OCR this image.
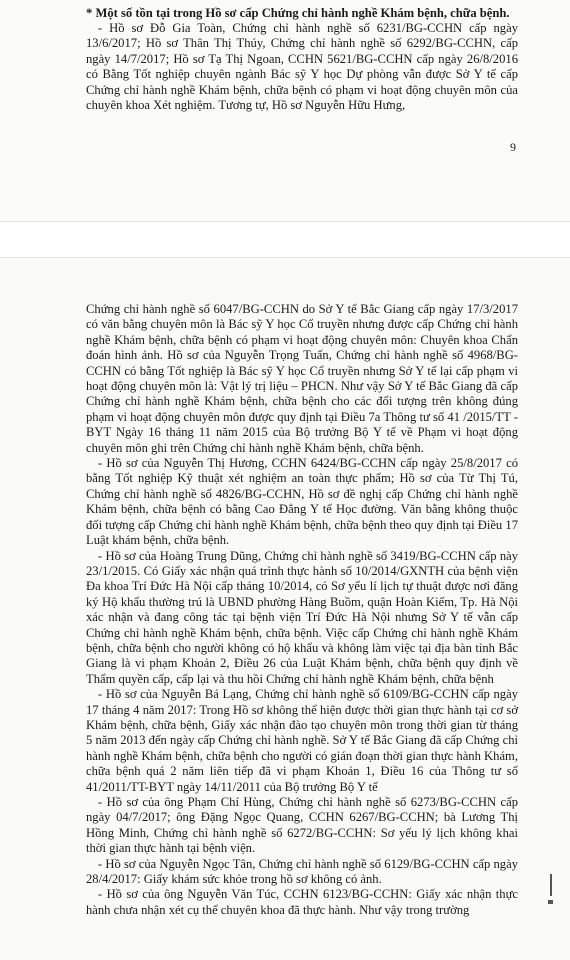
* Một số tồn tại trong Hồ sơ cấp Chứng chỉ hành nghề Khám bệnh, chữa bệnh.

- Hồ sơ Đỗ Gia Toàn, Chứng chỉ hành nghề số 6231/BG-CCHN cấp ngày 13/6/2017; Hồ sơ Thân Thị Thúy, Chứng chỉ hành nghề số 6292/BG-CCHN, cấp ngày 14/7/2017; Hồ sơ Tạ Thị Ngoan, CCHN 5621/BG-CCHN cấp ngày 26/8/2016 có Bằng Tốt nghiệp chuyên ngành Bác sỹ Y học Dự phòng vẫn được Sở Y tế cấp Chứng chỉ hành nghề Khám bệnh, chữa bệnh có phạm vi hoạt động chuyên môn của chuyên khoa Xét nghiệm. Tương tự, Hồ sơ Nguyễn Hữu Hưng,

9

Chứng chỉ hành nghề số 6047/BG-CCHN do Sở Y tế Bắc Giang cấp ngày 17/3/2017 có văn bằng chuyên môn là Bác sỹ Y học Cổ truyền nhưng được cấp Chứng chỉ hành nghề Khám bệnh, chữa bệnh có phạm vi hoạt động chuyên môn: Chuyên khoa Chẩn đoán hình ảnh. Hồ sơ của Nguyễn Trọng Tuấn, Chứng chỉ hành nghề số 4968/BG-CCHN có bằng Tốt nghiệp là Bác sỹ Y học Cổ truyền nhưng Sở Y tế lại cấp phạm vi hoạt động chuyên môn là: Vật lý trị liệu – PHCN. Như vậy Sở Y tế Bắc Giang đã cấp Chứng chỉ hành nghề Khám bệnh, chữa bệnh cho các đối tượng trên không đúng phạm vi hoạt động chuyên môn được quy định tại Điều 7a Thông tư số 41 /2015/TT - BYT Ngày 16 tháng 11 năm 2015 của Bộ trưởng Bộ Y tế về Phạm vi hoạt động chuyên môn ghi trên Chứng chỉ hành nghề Khám bệnh, chữa bệnh.

- Hồ sơ của Nguyễn Thị Hương, CCHN 6424/BG-CCHN cấp ngày 25/8/2017 có bằng Tốt nghiệp Kỹ thuật xét nghiệm an toàn thực phẩm; Hồ sơ của Từ Thị Tú, Chứng chỉ hành nghề số 4826/BG-CCHN, Hồ sơ đề nghị cấp Chứng chỉ hành nghề Khám bệnh, chữa bệnh có bằng Cao Đẳng Y tế Học đường. Văn bằng không thuộc đối tượng cấp Chứng chỉ hành nghề Khám bệnh, chữa bệnh theo quy định tại Điều 17 Luật khám bệnh, chữa bệnh.

- Hồ sơ của Hoàng Trung Dũng, Chứng chỉ hành nghề số 3419/BG-CCHN cấp này 23/1/2015. Có Giấy xác nhận quá trình thực hành số 10/2014/GXNTH của bệnh viện Đa khoa Trí Đức Hà Nội cấp tháng 10/2014, có Sơ yếu lí lịch tự thuật được nơi đăng ký Hộ khẩu thường trú là UBND phường Hàng Buồm, quận Hoàn Kiếm, Tp. Hà Nội xác nhận và đang công tác tại bệnh viện Trí Đức Hà Nội nhưng Sở Y tế vẫn cấp Chứng chỉ hành nghề Khám bệnh, chữa bệnh. Việc cấp Chứng chỉ hành nghề Khám bệnh, chữa bệnh cho người không có hộ khẩu và không làm việc tại địa bàn tỉnh Bắc Giang là vi phạm Khoản 2, Điều 26 của Luật Khám bệnh, chữa bệnh quy định về Thẩm quyền cấp, cấp lại và thu hồi Chứng chỉ hành nghề Khám bệnh, chữa bệnh

- Hồ sơ của Nguyễn Bá Lạng, Chứng chỉ hành nghề số 6109/BG-CCHN cấp ngày 17 tháng 4 năm 2017: Trong Hồ sơ không thể hiện được thời gian thực hành tại cơ sở Khám bệnh, chữa bệnh, Giấy xác nhận đào tạo chuyên môn trong thời gian từ tháng 5 năm 2013 đến ngày cấp Chứng chỉ hành nghề. Sở Y tế Bắc Giang đã cấp Chứng chỉ hành nghề Khám bệnh, chữa bệnh cho người có gián đoạn thời gian thực hành Khám, chữa bệnh quá 2 năm liên tiếp đã vi phạm Khoản 1, Điều 16 của Thông tư số 41/2011/TT-BYT ngày 14/11/2011 của Bộ trưởng Bộ Y tế

- Hồ sơ của ông Phạm Chí Hùng, Chứng chỉ hành nghề số 6273/BG-CCHN cấp ngày 04/7/2017; ông Đặng Ngọc Quang, CCHN 6267/BG-CCHN; bà Lương Thị Hồng Minh, Chứng chỉ hành nghề số 6272/BG-CCHN: Sơ yếu lý lịch không khai thời gian thực hành tại bệnh viện.

- Hồ sơ của Nguyễn Ngọc Tân, Chứng chỉ hành nghề số 6129/BG-CCHN cấp ngày 28/4/2017: Giấy khám sức khỏe trong hồ sơ không có ảnh.

- Hồ sơ của ông Nguyễn Văn Túc, CCHN 6123/BG-CCHN: Giấy xác nhận thực hành chưa nhận xét cụ thể chuyên khoa đã thực hành. Như vậy trong trường
